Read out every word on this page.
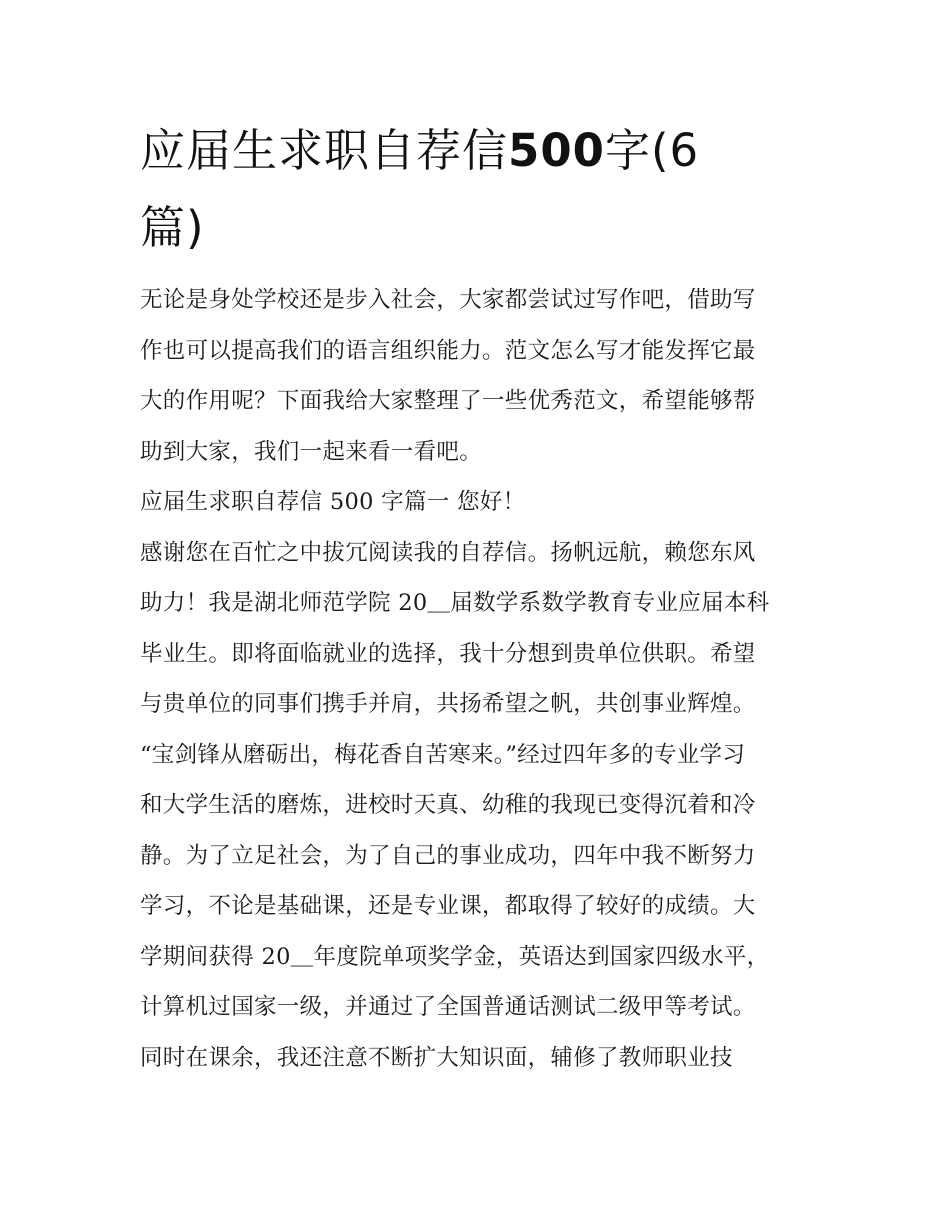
应届生求职自荐信500字(6
篇)
无论是身处学校还是步入社会，大家都尝试过写作吧，借助写
作也可以提高我们的语言组织能力。范文怎么写才能发挥它最
大的作用呢？下面我给大家整理了一些优秀范文，希望能够帮
助到大家，我们一起来看一看吧。
应届生求职自荐信 500 字篇一 您好！
感谢您在百忙之中拔冗阅读我的自荐信。扬帆远航，赖您东风
助力！我是湖北师范学院 20＿届数学系数学教育专业应届本科
毕业生。即将面临就业的选择，我十分想到贵单位供职。希望
与贵单位的同事们携手并肩，共扬希望之帆，共创事业辉煌。
“宝剑锋从磨砺出，梅花香自苦寒来。”经过四年多的专业学习
和大学生活的磨炼，进校时天真、幼稚的我现已变得沉着和冷
静。为了立足社会，为了自己的事业成功，四年中我不断努力
学习，不论是基础课，还是专业课，都取得了较好的成绩。大
学期间获得 20＿年度院单项奖学金，英语达到国家四级水平，
计算机过国家一级，并通过了全国普通话测试二级甲等考试。
同时在课余，我还注意不断扩大知识面，辅修了教师职业技
